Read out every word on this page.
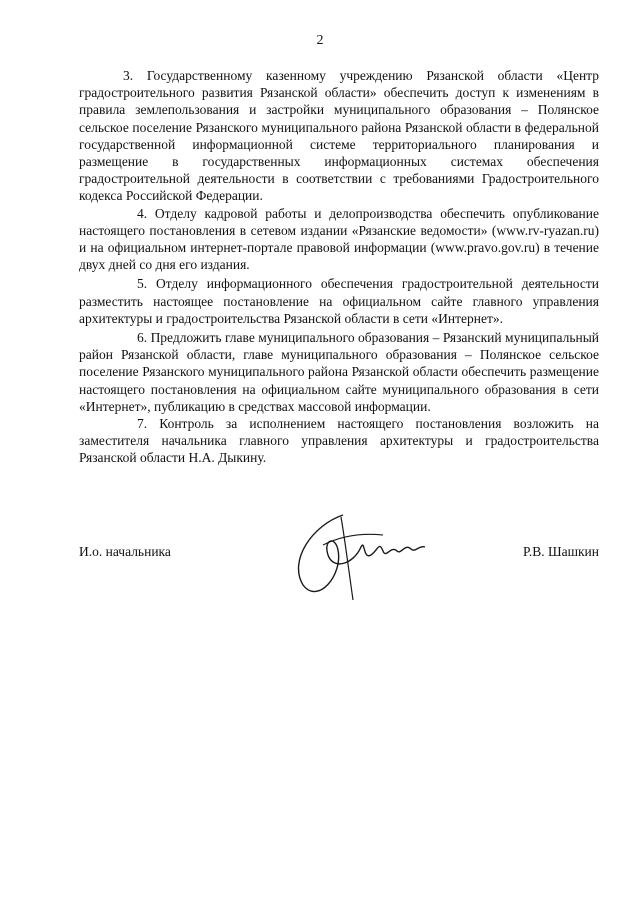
2

3. Государственному казенному учреждению Рязанской области «Центр градостроительного развития Рязанской области» обеспечить доступ к изменениям в правила землепользования и застройки муниципального образования – Полянское сельское поселение Рязанского муниципального района Рязанской области в федеральной государственной информационной системе территориального планирования и размещение в государственных информационных системах обеспечения градостроительной деятельности в соответствии с требованиями Градостроительного кодекса Российской Федерации.

4. Отделу кадровой работы и делопроизводства обеспечить опубликование настоящего постановления в сетевом издании «Рязанские ведомости» (www.rv-ryazan.ru) и на официальном интернет-портале правовой информации (www.pravo.gov.ru) в течение двух дней со дня его издания.

5. Отделу информационного обеспечения градостроительной деятельности разместить настоящее постановление на официальном сайте главного управления архитектуры и градостроительства Рязанской области в сети «Интернет».

6. Предложить главе муниципального образования – Рязанский муниципальный район Рязанской области, главе муниципального образования – Полянское сельское поселение Рязанского муниципального района Рязанской области обеспечить размещение настоящего постановления на официальном сайте муниципального образования в сети «Интернет», публикацию в средствах массовой информации.

7. Контроль за исполнением настоящего постановления возложить на заместителя начальника главного управления архитектуры и градостроительства Рязанской области Н.А. Дыкину.

И.о. начальника	Р.В. Шашкин
